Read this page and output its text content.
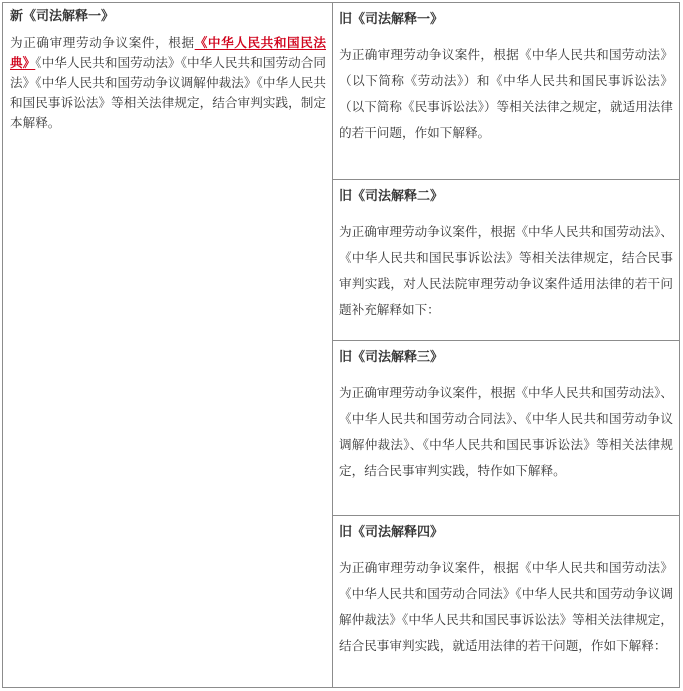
新《司法解释一》

为正确审理劳动争议案件，根据《中华人民共和国民法典》《中华人民共和国劳动法》《中华人民共和国劳动合同法》《中华人民共和国劳动争议调解仲裁法》《中华人民共和国民事诉讼法》等相关法律规定，结合审判实践，制定本解释。

旧《司法解释一》

为正确审理劳动争议案件，根据《中华人民共和国劳动法》（以下简称《劳动法》）和《中华人民共和国民事诉讼法》（以下简称《民事诉讼法》）等相关法律之规定，就适用法律的若干问题，作如下解释。

旧《司法解释二》

为正确审理劳动争议案件，根据《中华人民共和国劳动法》、《中华人民共和国民事诉讼法》等相关法律规定，结合民事审判实践，对人民法院审理劳动争议案件适用法律的若干问题补充解释如下：

旧《司法解释三》

为正确审理劳动争议案件，根据《中华人民共和国劳动法》、《中华人民共和国劳动合同法》、《中华人民共和国劳动争议调解仲裁法》、《中华人民共和国民事诉讼法》等相关法律规定，结合民事审判实践，特作如下解释。

旧《司法解释四》

为正确审理劳动争议案件，根据《中华人民共和国劳动法》《中华人民共和国劳动合同法》《中华人民共和国劳动争议调解仲裁法》《中华人民共和国民事诉讼法》等相关法律规定，结合民事审判实践，就适用法律的若干问题，作如下解释：
